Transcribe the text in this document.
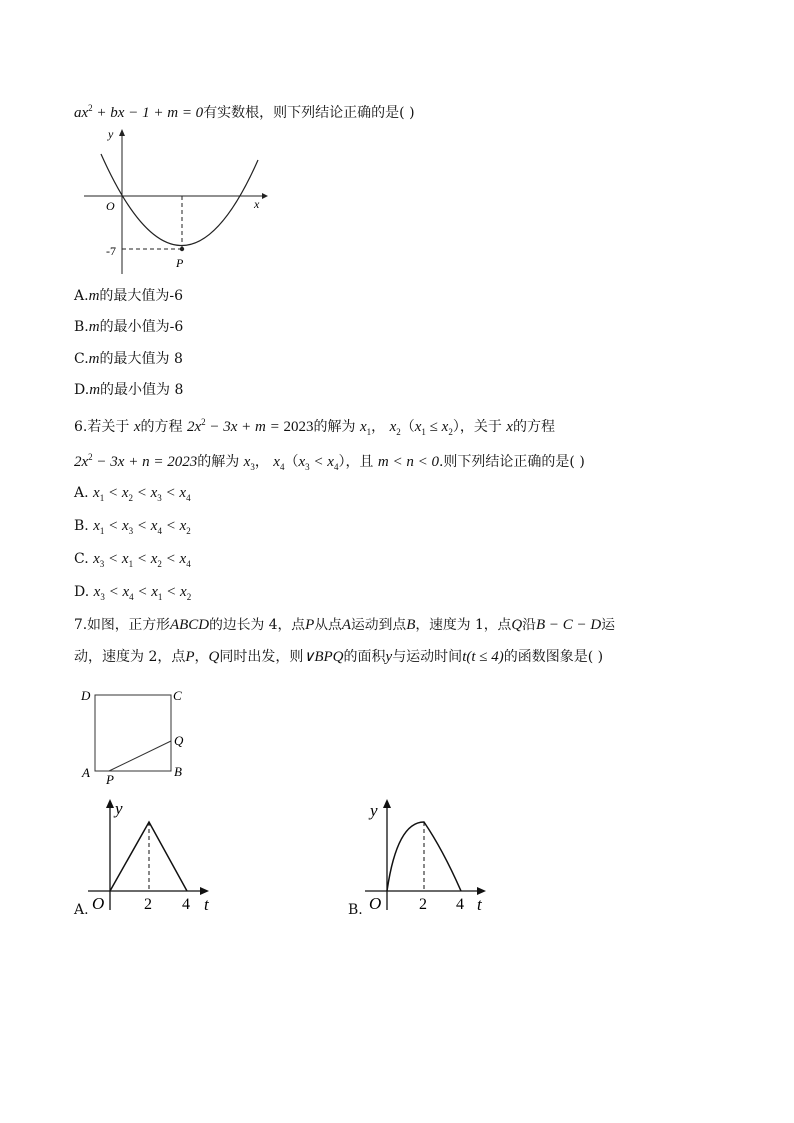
$ax^2$ + bx − 1 + m = 0有实数根，则下列结论正确的是( )
y
x
O
-7
P
A.m的最大值为-6
B.m的最小值为-6
C.m的最大值为 8
D.m的最小值为 8
6.若关于 x的方程 $2x^2 - 3x + m = 2023$的解为 $x_1$， $x_2(x_1 \le x_2)$，关于 x的方程
$2x^2 - 3x + n = 2023$的解为 $x_3$， $x_4(x_3 < x_4)$，且 m < n < 0.则下列结论正确的是( )
A. $x_1 < x_2 < x_3 < x_4$
B. $x_1 < x_3 < x_4 < x_2$
C. $x_3 < x_1 < x_2 < x_4$
D. $x_3 < x_4 < x_1 < x_2$
7.如图，正方形ABCD的边长为 4，点P从点A运动到点B，速度为 1，点Q沿B − C − D运
动，速度为 2，点P，Q同时出发，则∨BPQ的面积y与运动时间t(t ≤ 4)的函数图象是( )
D	C
Q
A	B
P
A.
y
O 2 4 t	B.
y
O 2 4 t
